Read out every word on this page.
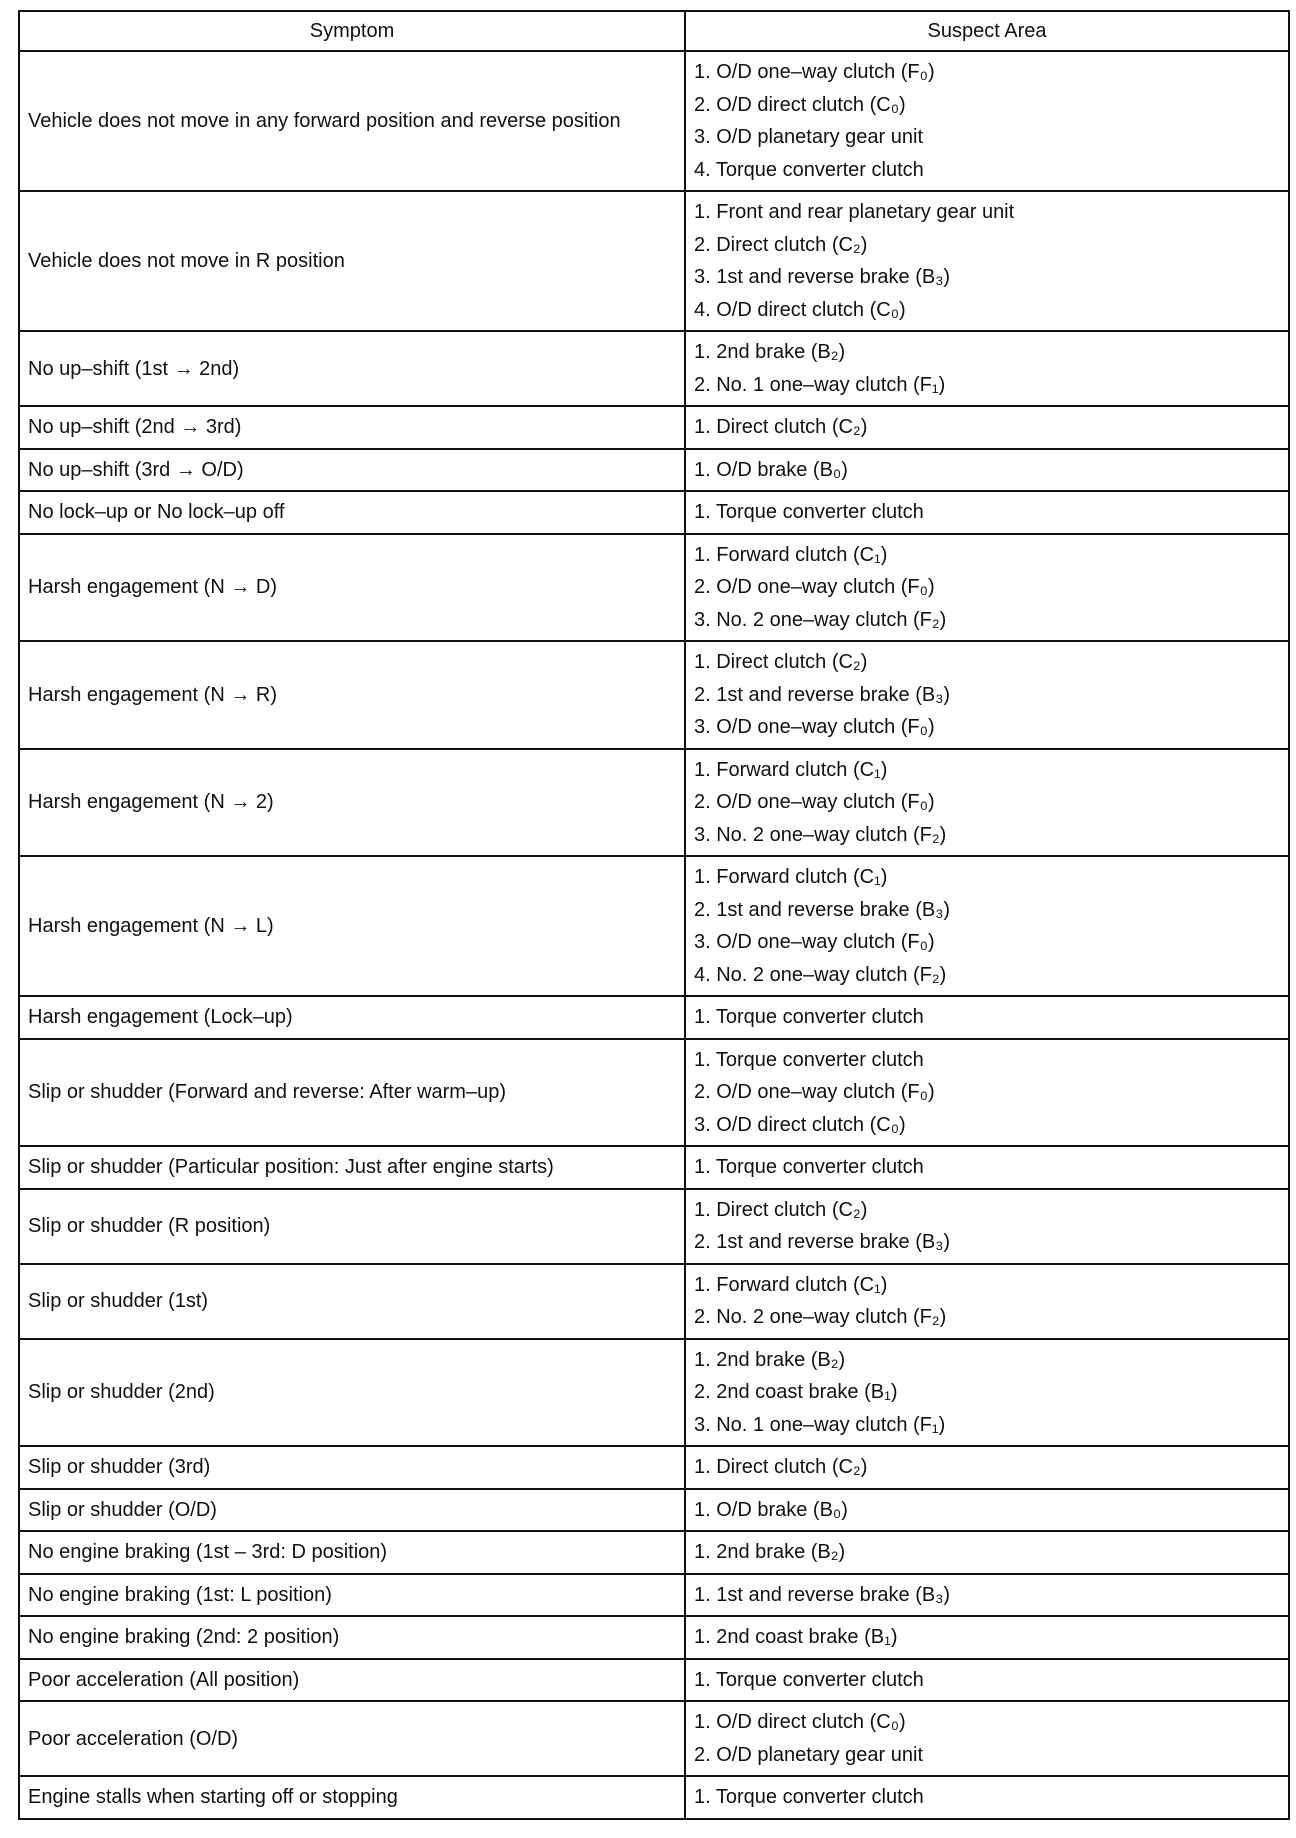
Symptom	Suspect Area
Vehicle does not move in any forward position and reverse position	1. O/D one–way clutch (F₀)
2. O/D direct clutch (C₀)
3. O/D planetary gear unit
4. Torque converter clutch

Vehicle does not move in R position	1. Front and rear planetary gear unit
2. Direct clutch (C₂)
3. 1st and reverse brake (B₃)
4. O/D direct clutch (C₀)

No up–shift (1st → 2nd)	1. 2nd brake (B₂)
2. No. 1 one–way clutch (F₁)

No up–shift (2nd → 3rd)	1. Direct clutch (C₂)

No up–shift (3rd → O/D)	1. O/D brake (B₀)

No lock–up or No lock–up off	1. Torque converter clutch

Harsh engagement (N → D)	1. Forward clutch (C₁)
2. O/D one–way clutch (F₀)
3. No. 2 one–way clutch (F₂)

Harsh engagement (N → R)	1. Direct clutch (C₂)
2. 1st and reverse brake (B₃)
3. O/D one–way clutch (F₀)

Harsh engagement (N → 2)	1. Forward clutch (C₁)
2. O/D one–way clutch (F₀)
3. No. 2 one–way clutch (F₂)

Harsh engagement (N → L)	1. Forward clutch (C₁)
2. 1st and reverse brake (B₃)
3. O/D one–way clutch (F₀)
4. No. 2 one–way clutch (F₂)

Harsh engagement (Lock–up)	1. Torque converter clutch

Slip or shudder (Forward and reverse: After warm–up)	1. Torque converter clutch
2. O/D one–way clutch (F₀)
3. O/D direct clutch (C₀)

Slip or shudder (Particular position: Just after engine starts)	1. Torque converter clutch

Slip or shudder (R position)	1. Direct clutch (C₂)
2. 1st and reverse brake (B₃)

Slip or shudder (1st)	1. Forward clutch (C₁)
2. No. 2 one–way clutch (F₂)

Slip or shudder (2nd)	1. 2nd brake (B₂)
2. 2nd coast brake (B₁)
3. No. 1 one–way clutch (F₁)

Slip or shudder (3rd)	1. Direct clutch (C₂)

Slip or shudder (O/D)	1. O/D brake (B₀)

No engine braking (1st – 3rd: D position)	1. 2nd brake (B₂)

No engine braking (1st: L position)	1. 1st and reverse brake (B₃)

No engine braking (2nd: 2 position)	1. 2nd coast brake (B₁)

Poor acceleration (All position)	1. Torque converter clutch

Poor acceleration (O/D)	1. O/D direct clutch (C₀)
2. O/D planetary gear unit

Engine stalls when starting off or stopping	1. Torque converter clutch
